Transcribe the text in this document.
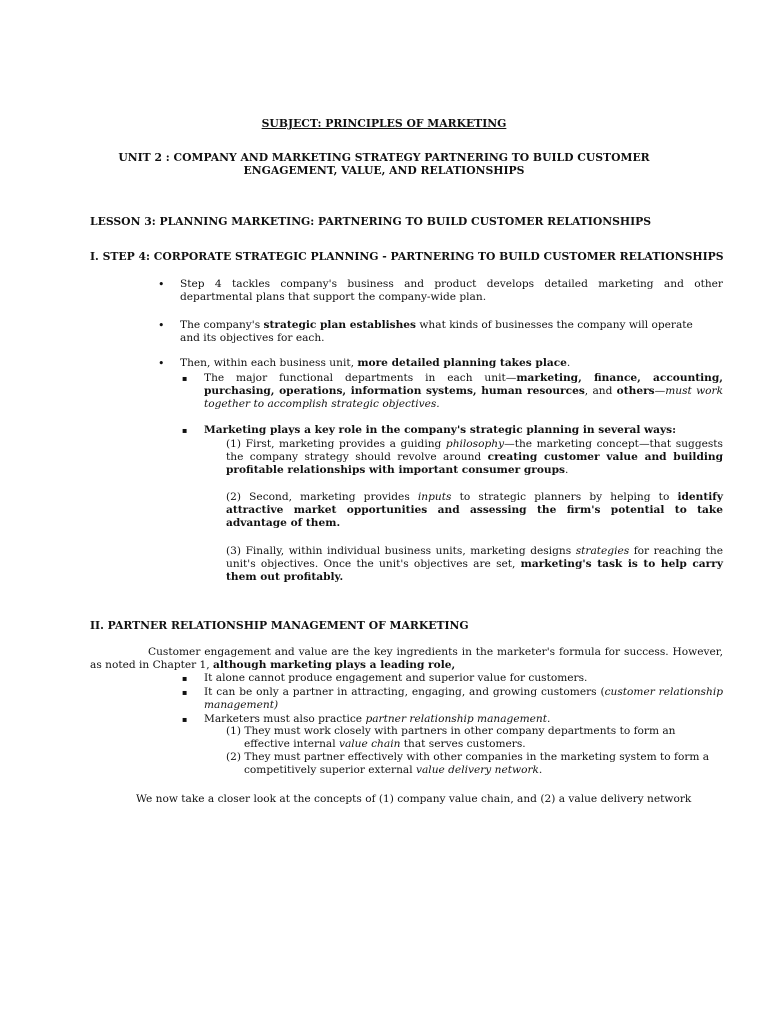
SUBJECT: PRINCIPLES OF MARKETING
UNIT 2 : COMPANY AND MARKETING STRATEGY PARTNERING TO BUILD CUSTOMER
ENGAGEMENT, VALUE, AND RELATIONSHIPS
LESSON 3: PLANNING MARKETING: PARTNERING TO BUILD CUSTOMER RELATIONSHIPS
I. STEP 4: CORPORATE STRATEGIC PLANNING - PARTNERING TO BUILD CUSTOMER RELATIONSHIPS
• Step 4 tackles company's business and product develops detailed marketing and other
departmental plans that support the company-wide plan.
• The company's strategic plan establishes what kinds of businesses the company will operate
and its objectives for each.
• Then, within each business unit, more detailed planning takes place.
▪ The major functional departments in each unit—marketing, finance, accounting,
purchasing, operations, information systems, human resources, and others—must work
together to accomplish strategic objectives.
▪ Marketing plays a key role in the company's strategic planning in several ways:
(1) First, marketing provides a guiding philosophy—the marketing concept—that suggests
the company strategy should revolve around creating customer value and building
profitable relationships with important consumer groups.
(2) Second, marketing provides inputs to strategic planners by helping to identify
attractive market opportunities and assessing the firm's potential to take
advantage of them.
(3) Finally, within individual business units, marketing designs strategies for reaching the
unit's objectives. Once the unit's objectives are set, marketing's task is to help carry
them out profitably.
II. PARTNER RELATIONSHIP MANAGEMENT OF MARKETING
Customer engagement and value are the key ingredients in the marketer's formula for success. However,
as noted in Chapter 1, although marketing plays a leading role,
▪ It alone cannot produce engagement and superior value for customers.
▪ It can be only a partner in attracting, engaging, and growing customers (customer relationship
management)
▪ Marketers must also practice partner relationship management.
(1) They must work closely with partners in other company departments to form an
effective internal value chain that serves customers.
(2) They must partner effectively with other companies in the marketing system to form a
competitively superior external value delivery network.
We now take a closer look at the concepts of (1) company value chain, and (2) a value delivery network
